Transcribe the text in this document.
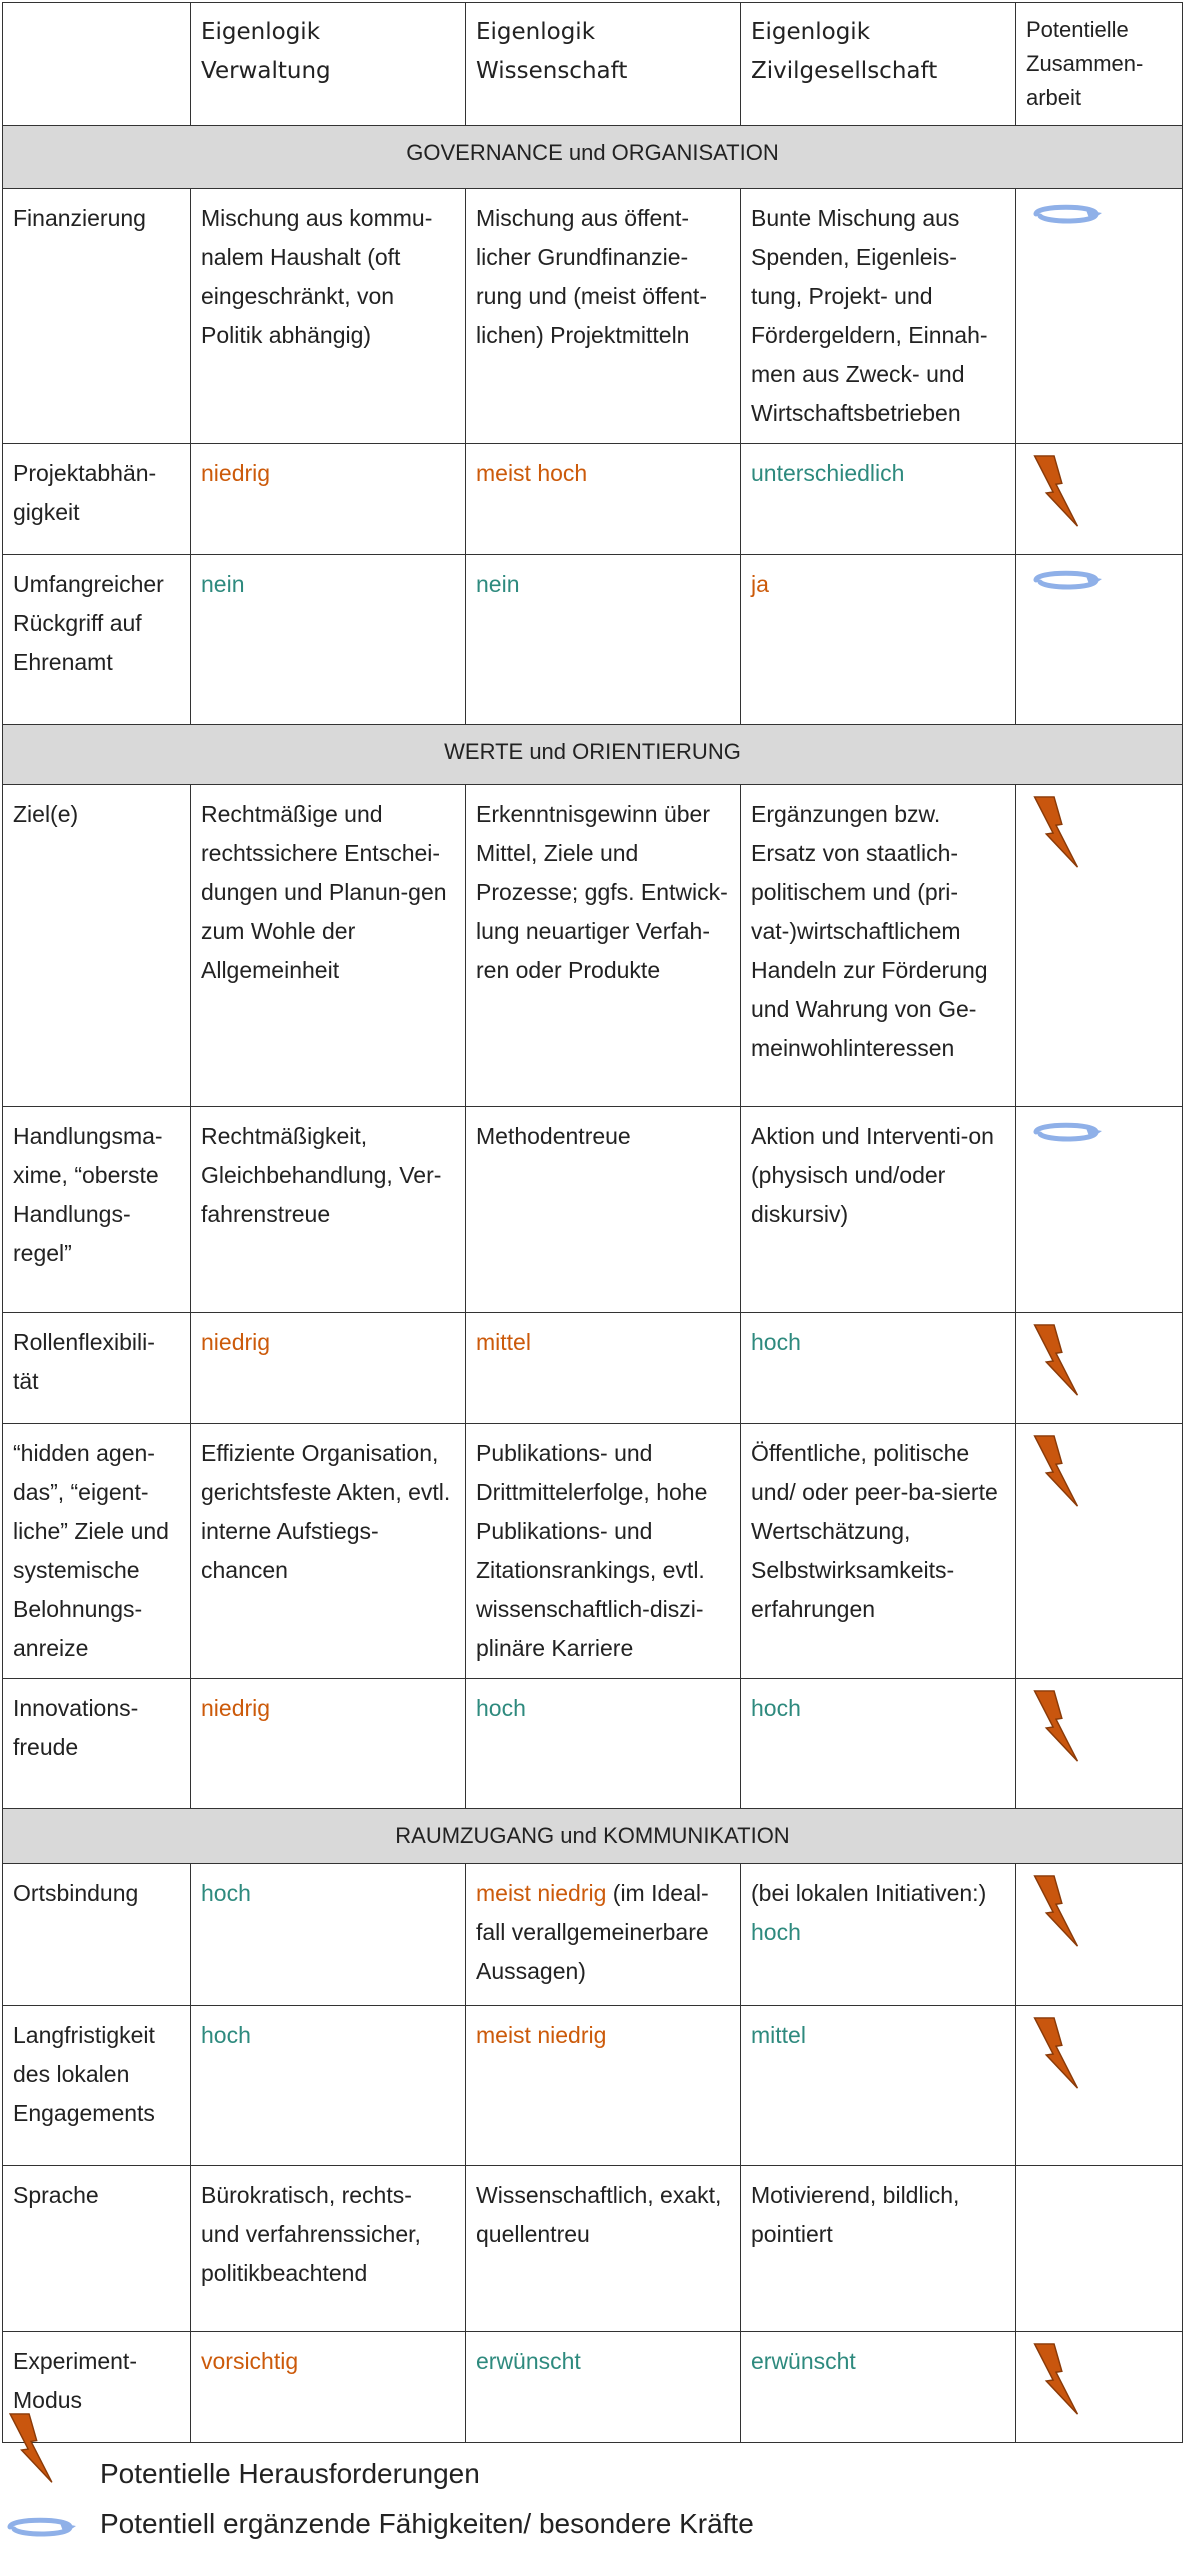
	Eigenlogik Verwaltung	Eigenlogik Wissenschaft	Eigenlogik Zivilgesellschaft	Potentielle Zusammen-arbeit
GOVERNANCE und ORGANISATION				
Finanzierung	Mischung aus kommu-nalem Haushalt (oft eingeschränkt, von Politik abhängig)	Mischung aus öffent-licher Grundfinanzie-rung und (meist öffent-lichen) Projektmitteln	Bunte Mischung aus Spenden, Eigenleis-tung, Projekt- und Fördergeldern, Einnah-men aus Zweck- und Wirtschaftsbetrieben	
Projektabhän-gigkeit	niedrig	meist hoch	unterschiedlich	
Umfangreicher Rückgriff auf Ehrenamt	nein	nein	ja	
WERTE und ORIENTIERUNG				
Ziel(e)	Rechtmäßige und rechtssichere Entschei-dungen und Planun-gen zum Wohle der Allgemeinheit	Erkenntnisgewinn über Mittel, Ziele und Prozesse; ggfs. Entwick-lung neuartiger Verfah-ren oder Produkte	Ergänzungen bzw. Ersatz von staatlich-politischem und (pri-vat-)wirtschaftlichem Handeln zur Förderung und Wahrung von Ge-meinwohlinteressen	
Handlungsma-xime, “oberste Handlungs-regel”	Rechtmäßigkeit, Gleichbehandlung, Ver-fahrenstreue	Methodentreue	Aktion und Interventi-on (physisch und/oder diskursiv)	
Rollenflexibili-tät	niedrig	mittel	hoch	
“hidden agen-das”, “eigent-liche” Ziele und systemische Belohnungs-anreize	Effiziente Organisation, gerichtsfeste Akten, evtl. interne Aufstiegs-chancen	Publikations- und Drittmittelerfolge, hohe Publikations- und Zitationsrankings, evtl. wissenschaftlich-diszi-plinäre Karriere	Öffentliche, politische und/ oder peer-ba-sierte Wertschätzung, Selbstwirksamkeits-erfahrungen	
Innovations-freude	niedrig	hoch	hoch	
RAUMZUGANG und KOMMUNIKATION				
Ortsbindung	hoch	meist niedrig (im Ideal-fall verallgemeinerbare Aussagen)	(bei lokalen Initiativen:) hoch	
Langfristigkeit des lokalen Engagements	hoch	meist niedrig	mittel	
Sprache	Bürokratisch, rechts- und verfahrenssicher, politikbeachtend	Wissenschaftlich, exakt, quellentreu	Motivierend, bildlich, pointiert	
Experiment-Modus	vorsichtig	erwünscht	erwünscht	
Potentielle Herausforderungen
Potentiell ergänzende Fähigkeiten/ besondere Kräfte
